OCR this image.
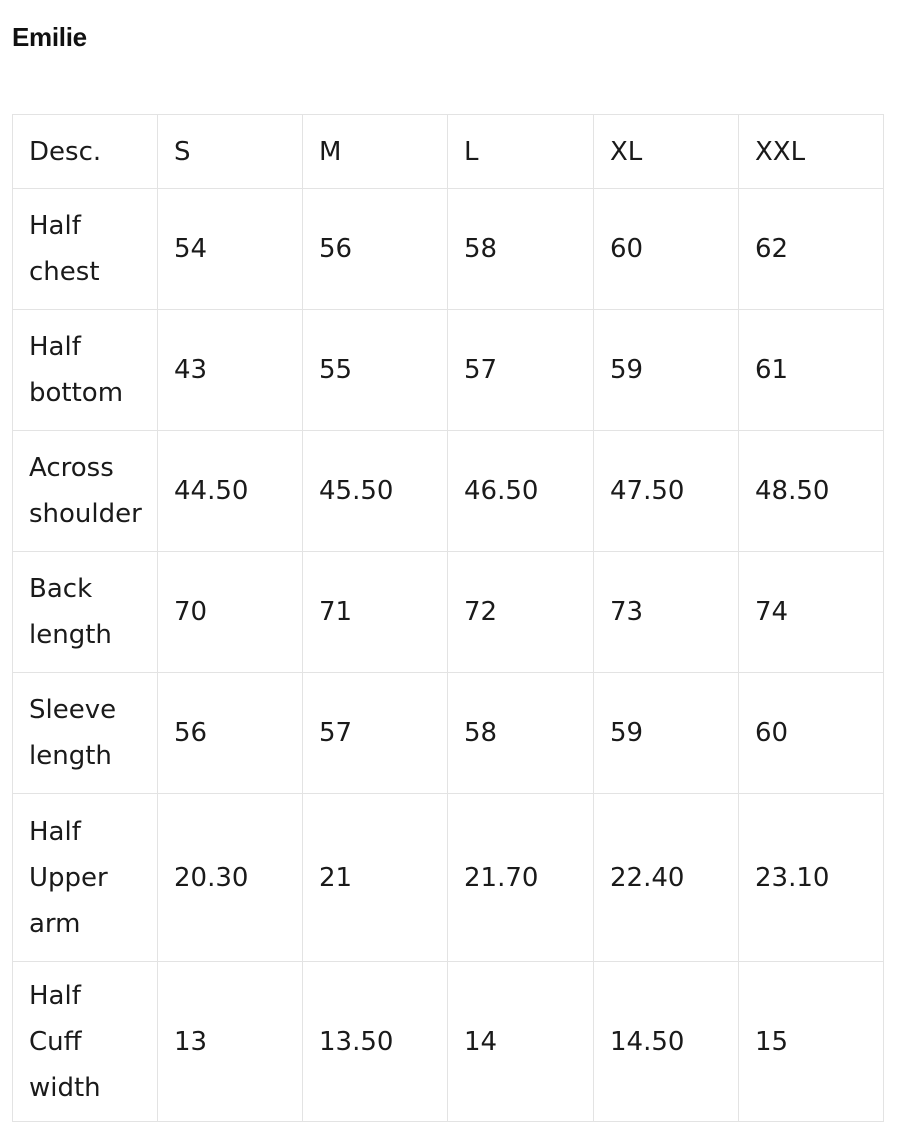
Emilie
Desc.	S	M	L	XL	XXL

Half
chest	54	56	58	60	62

Half
bottom	43	55	57	59	61

Across
shoulder	44.50	45.50	46.50	47.50	48.50

Back
length	70	71	72	73	74

Sleeve
length	56	57	58	59	60

Half
Upper
arm	20.30	21	21.70	22.40	23.10

Half
Cuff
width	13	13.50	14	14.50	15
